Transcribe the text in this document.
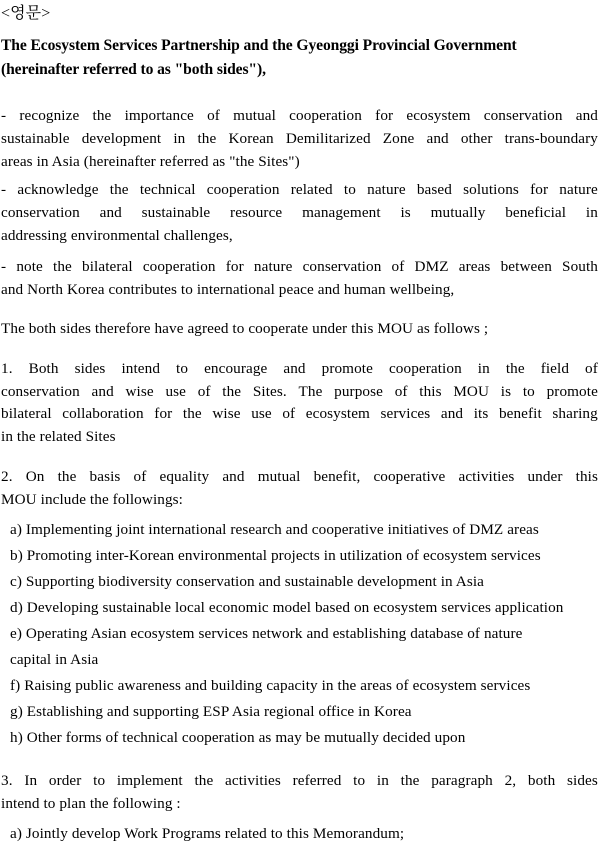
<영문>
The Ecosystem Services Partnership and the Gyeonggi Provincial Government
(hereinafter referred to as "both sides"),
- recognize the importance of mutual cooperation for ecosystem conservation and
sustainable development in the Korean Demilitarized Zone and other trans-boundary
areas in Asia (hereinafter referred as "the Sites")
- acknowledge the technical cooperation related to nature based solutions for nature
conservation and sustainable resource management is mutually beneficial in
addressing environmental challenges,
- note the bilateral cooperation for nature conservation of DMZ areas between South
and North Korea contributes to international peace and human wellbeing,
The both sides therefore have agreed to cooperate under this MOU as follows ;
1. Both sides intend to encourage and promote cooperation in the field of
conservation and wise use of the Sites. The purpose of this MOU is to promote
bilateral collaboration for the wise use of ecosystem services and its benefit sharing
in the related Sites
2. On the basis of equality and mutual benefit, cooperative activities under this
MOU include the followings:
a) Implementing joint international research and cooperative initiatives of DMZ areas
b) Promoting inter-Korean environmental projects in utilization of ecosystem services
c) Supporting biodiversity conservation and sustainable development in Asia
d) Developing sustainable local economic model based on ecosystem services application
e) Operating Asian ecosystem services network and establishing database of nature
capital in Asia
f) Raising public awareness and building capacity in the areas of ecosystem services
g) Establishing and supporting ESP Asia regional office in Korea
h) Other forms of technical cooperation as may be mutually decided upon
3. In order to implement the activities referred to in the paragraph 2, both sides
intend to plan the following :
a) Jointly develop Work Programs related to this Memorandum;
